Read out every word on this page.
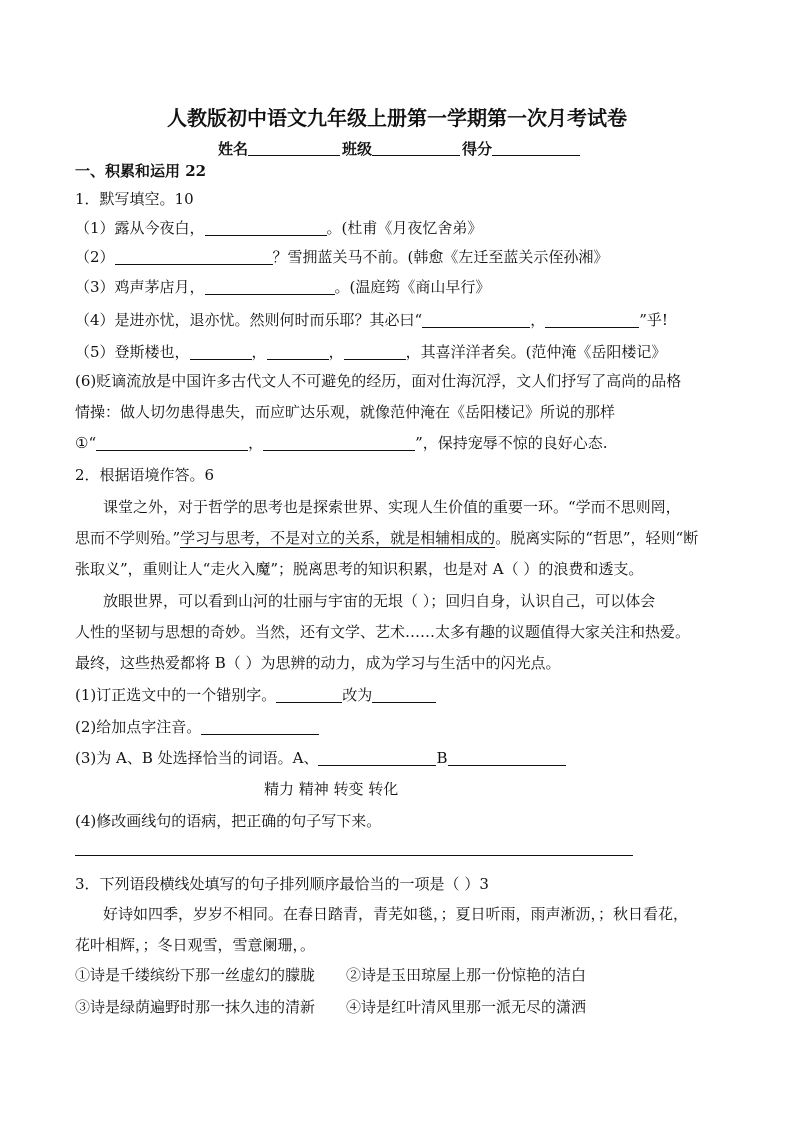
人教版初中语文九年级上册第一学期第一次月考试卷
姓名	班级	得分
一、积累和运用 22
1．默写填空。10
（1）露从今夜白，	。(杜甫《月夜忆舍弟》
（2）	？雪拥蓝关马不前。(韩愈《左迁至蓝关示侄孙湘》
（3）鸡声茅店月，	。(温庭筠《商山早行》
（4）是进亦忧，退亦忧。然则何时而乐耶？其必曰“	，	”乎!
（5）登斯楼也，	，	，	，其喜洋洋者矣。(范仲淹《岳阳楼记》
(6)贬谪流放是中国许多古代文人不可避免的经历，面对仕海沉浮，文人们抒写了高尚的品格
情操：做人切勿患得患失，而应旷达乐观，就像范仲淹在《岳阳楼记》所说的那样
①“	，	”，保持宠辱不惊的良好心态.
2．根据语境作答。6
课堂之外，对于哲学的思考也是探索世界、实现人生价值的重要一环。“学而不思则罔，
思而不学则殆。”学习与思考，不是对立的关系，就是相辅相成的。脱离实际的“哲思”，轻则“断
张取义”，重则让人“走火入魔”；脱离思考的知识积累，也是对 A（ ）的浪费和透支。
放眼世界，可以看到山河的壮丽与宇宙的无垠（ ）；回归自身，认识自己，可以体会
人性的坚韧与思想的奇妙。当然，还有文学、艺术……太多有趣的议题值得大家关注和热爱。
最终，这些热爱都将 B（ ）为思辨的动力，成为学习与生活中的闪光点。
(1)订正选文中的一个错别字。	改为
(2)给加点字注音。
(3)为 A、B 处选择恰当的词语。A、	B
精力 精神 转变 转化
(4)修改画线句的语病，把正确的句子写下来。
3．下列语段横线处填写的句子排列顺序最恰当的一项是（ ）3
好诗如四季，岁岁不相同。在春日踏青，青芜如毯，；夏日听雨，雨声淅沥，；秋日看花，
花叶相辉，；冬日观雪，雪意阑珊，。
①诗是千缕缤纷下那一丝虚幻的朦胧 ②诗是玉田琼屋上那一份惊艳的洁白
③诗是绿荫遍野时那一抹久违的清新 ④诗是红叶清风里那一派无尽的潇洒
